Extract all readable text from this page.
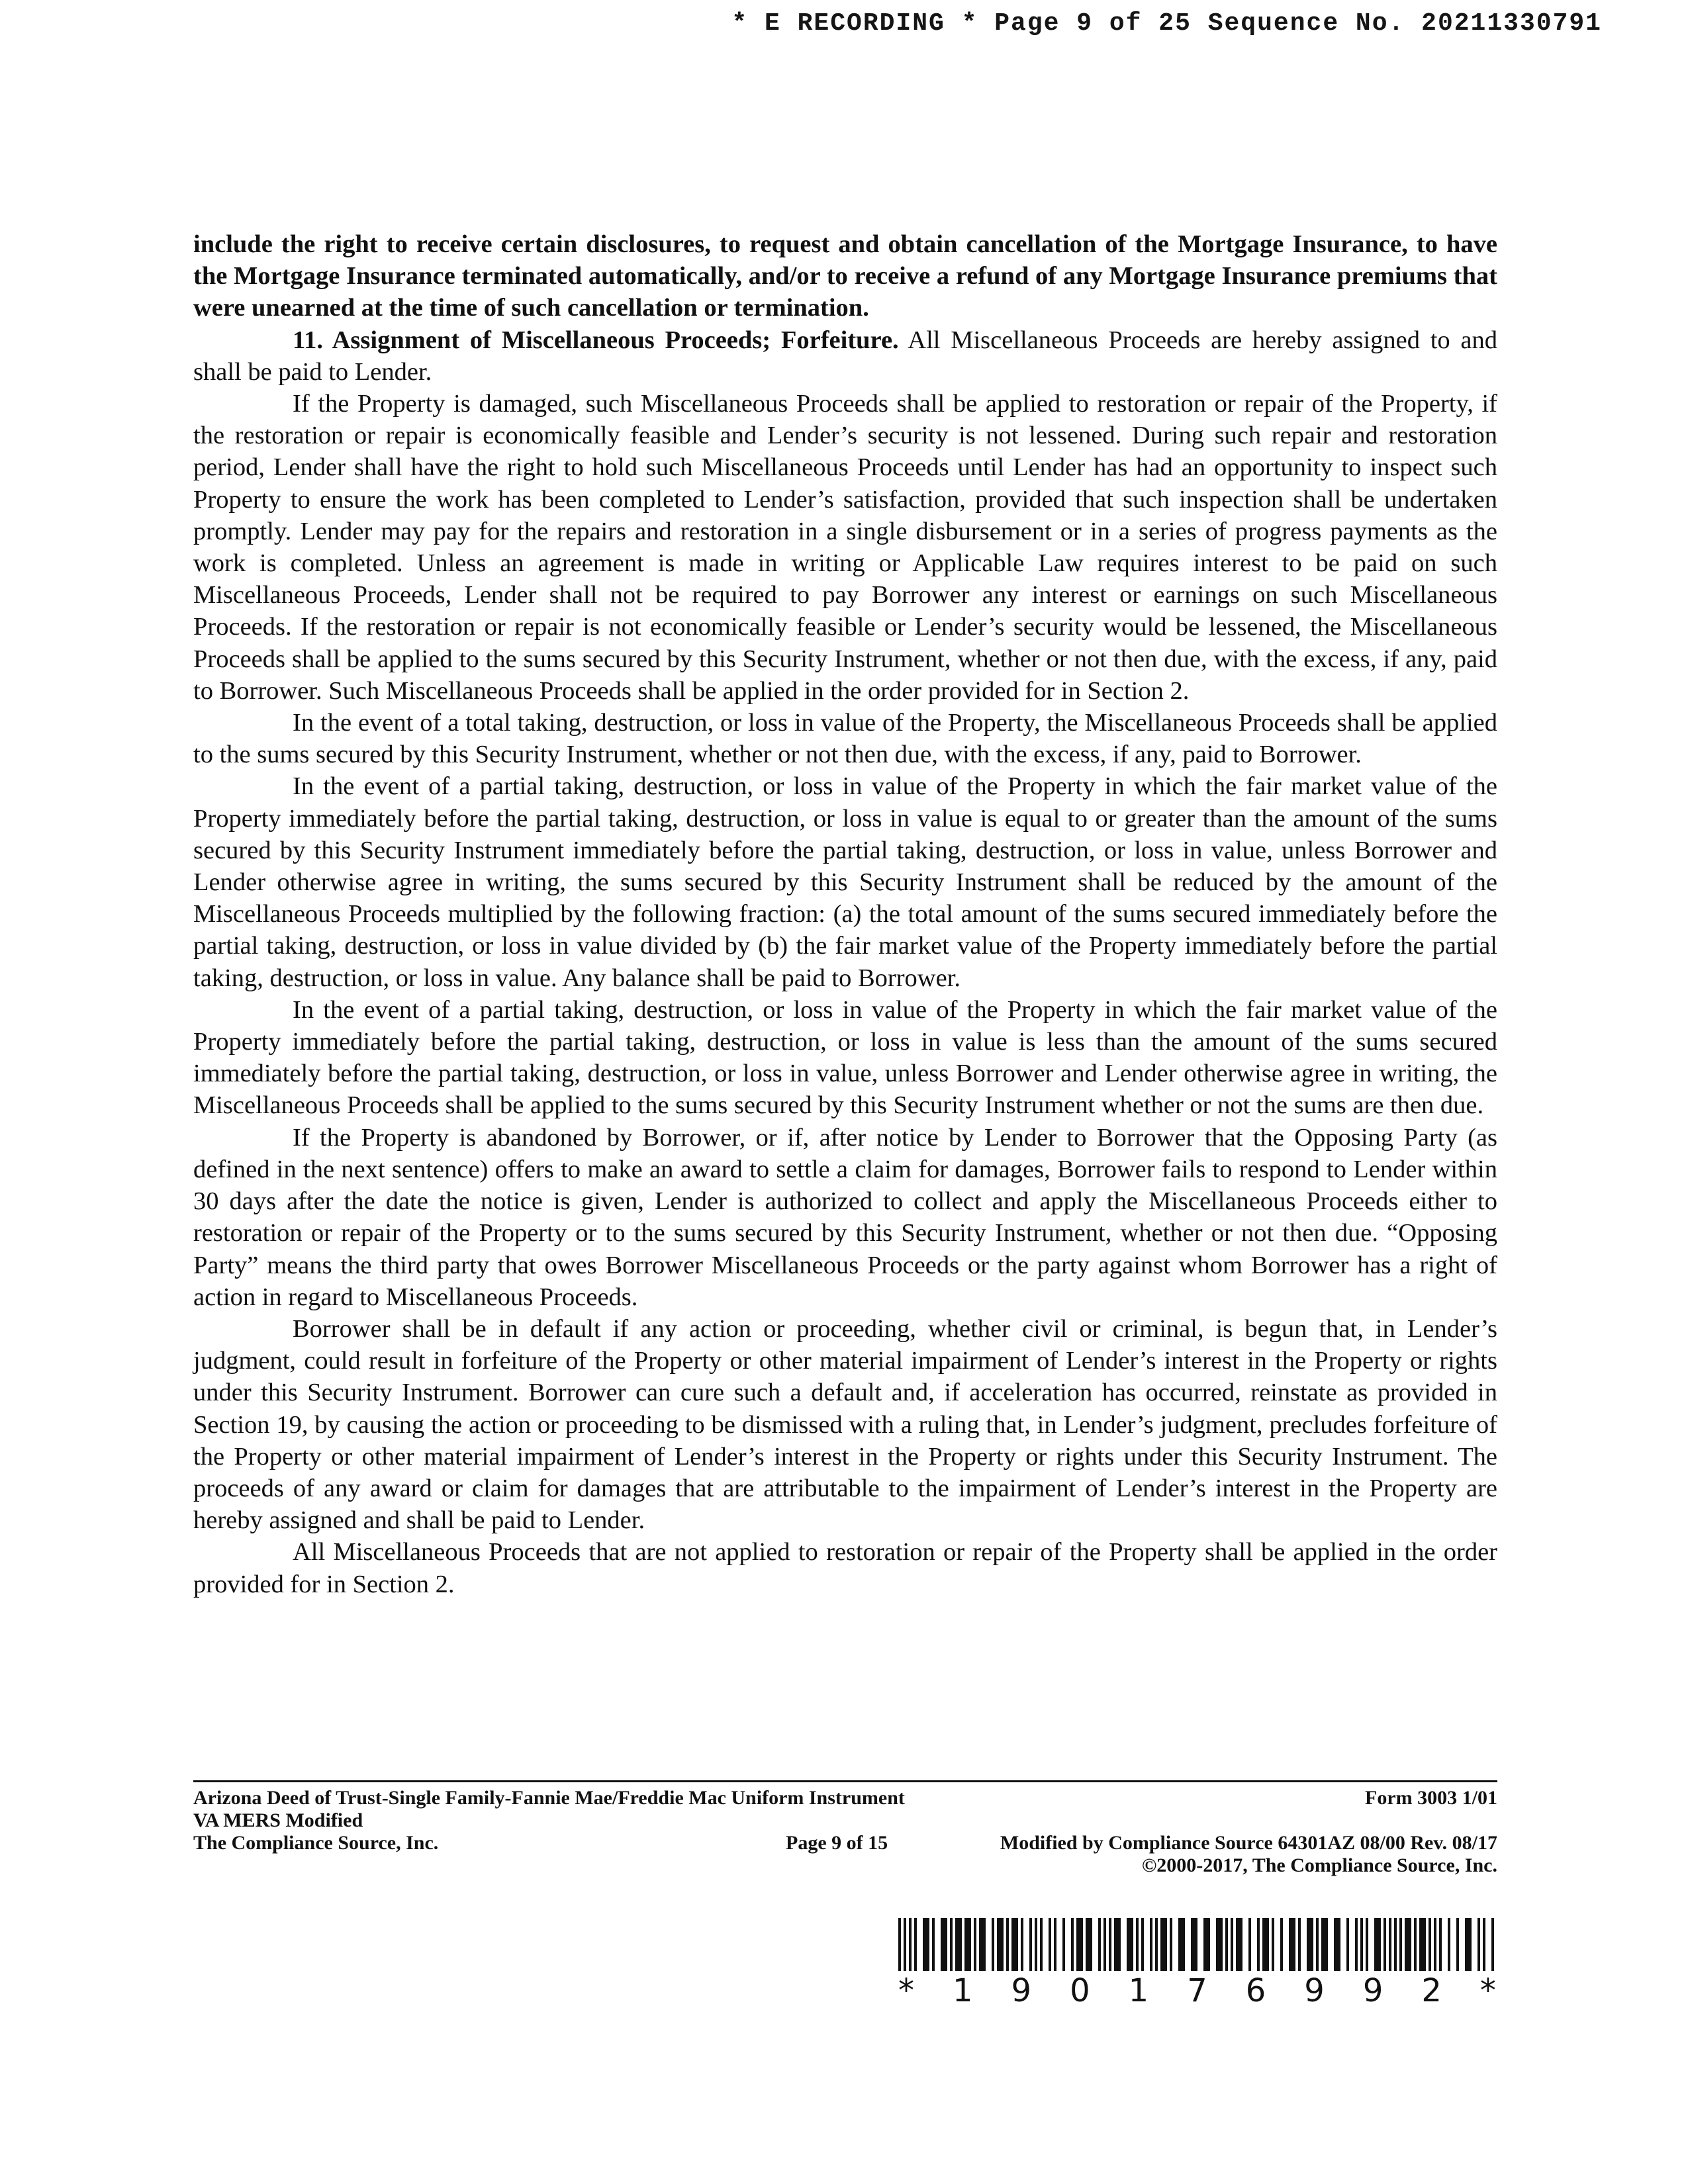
* E RECORDING * Page 9 of 25 Sequence No. 20211330791

include the right to receive certain disclosures, to request and obtain cancellation of the Mortgage Insurance, to have the Mortgage Insurance terminated automatically, and/or to receive a refund of any Mortgage Insurance premiums that were unearned at the time of such cancellation or termination.

11. Assignment of Miscellaneous Proceeds; Forfeiture. All Miscellaneous Proceeds are hereby assigned to and shall be paid to Lender.

If the Property is damaged, such Miscellaneous Proceeds shall be applied to restoration or repair of the Property, if the restoration or repair is economically feasible and Lender’s security is not lessened. During such repair and restoration period, Lender shall have the right to hold such Miscellaneous Proceeds until Lender has had an opportunity to inspect such Property to ensure the work has been completed to Lender’s satisfaction, provided that such inspection shall be undertaken promptly. Lender may pay for the repairs and restoration in a single disbursement or in a series of progress payments as the work is completed. Unless an agreement is made in writing or Applicable Law requires interest to be paid on such Miscellaneous Proceeds, Lender shall not be required to pay Borrower any interest or earnings on such Miscellaneous Proceeds. If the restoration or repair is not economically feasible or Lender’s security would be lessened, the Miscellaneous Proceeds shall be applied to the sums secured by this Security Instrument, whether or not then due, with the excess, if any, paid to Borrower. Such Miscellaneous Proceeds shall be applied in the order provided for in Section 2.

In the event of a total taking, destruction, or loss in value of the Property, the Miscellaneous Proceeds shall be applied to the sums secured by this Security Instrument, whether or not then due, with the excess, if any, paid to Borrower.

In the event of a partial taking, destruction, or loss in value of the Property in which the fair market value of the Property immediately before the partial taking, destruction, or loss in value is equal to or greater than the amount of the sums secured by this Security Instrument immediately before the partial taking, destruction, or loss in value, unless Borrower and Lender otherwise agree in writing, the sums secured by this Security Instrument shall be reduced by the amount of the Miscellaneous Proceeds multiplied by the following fraction: (a) the total amount of the sums secured immediately before the partial taking, destruction, or loss in value divided by (b) the fair market value of the Property immediately before the partial taking, destruction, or loss in value. Any balance shall be paid to Borrower.

In the event of a partial taking, destruction, or loss in value of the Property in which the fair market value of the Property immediately before the partial taking, destruction, or loss in value is less than the amount of the sums secured immediately before the partial taking, destruction, or loss in value, unless Borrower and Lender otherwise agree in writing, the Miscellaneous Proceeds shall be applied to the sums secured by this Security Instrument whether or not the sums are then due.

If the Property is abandoned by Borrower, or if, after notice by Lender to Borrower that the Opposing Party (as defined in the next sentence) offers to make an award to settle a claim for damages, Borrower fails to respond to Lender within 30 days after the date the notice is given, Lender is authorized to collect and apply the Miscellaneous Proceeds either to restoration or repair of the Property or to the sums secured by this Security Instrument, whether or not then due. “Opposing Party” means the third party that owes Borrower Miscellaneous Proceeds or the party against whom Borrower has a right of action in regard to Miscellaneous Proceeds.

Borrower shall be in default if any action or proceeding, whether civil or criminal, is begun that, in Lender’s judgment, could result in forfeiture of the Property or other material impairment of Lender’s interest in the Property or rights under this Security Instrument. Borrower can cure such a default and, if acceleration has occurred, reinstate as provided in Section 19, by causing the action or proceeding to be dismissed with a ruling that, in Lender’s judgment, precludes forfeiture of the Property or other material impairment of Lender’s interest in the Property or rights under this Security Instrument. The proceeds of any award or claim for damages that are attributable to the impairment of Lender’s interest in the Property are hereby assigned and shall be paid to Lender.

All Miscellaneous Proceeds that are not applied to restoration or repair of the Property shall be applied in the order provided for in Section 2.

Arizona Deed of Trust-Single Family-Fannie Mae/Freddie Mac Uniform Instrument	Form 3003 1/01
VA MERS Modified
The Compliance Source, Inc.	Page 9 of 15	Modified by Compliance Source 64301AZ 08/00 Rev. 08/17
©2000-2017, The Compliance Source, Inc.
* 1 9 0 1 7 6 9 9 2 *
